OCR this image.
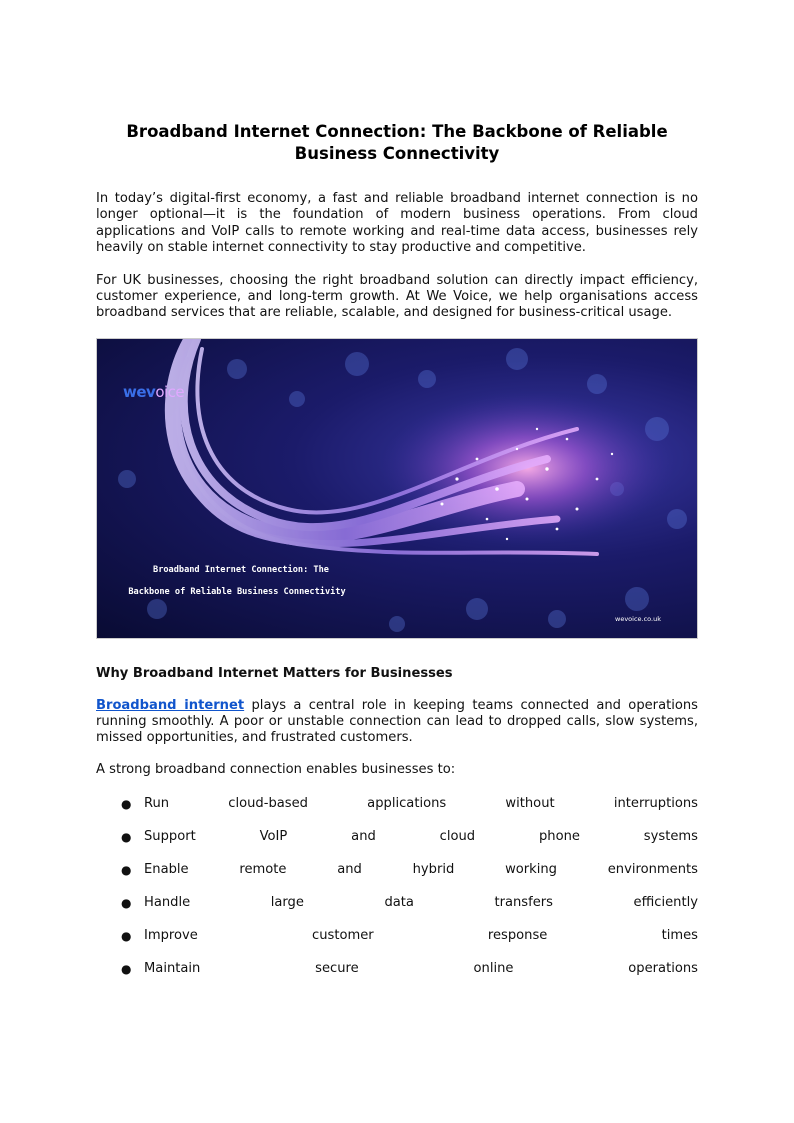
Broadband Internet Connection: The Backbone of Reliable
Business Connectivity

In today’s digital-first economy, a fast and reliable broadband internet connection is no longer optional—it is the foundation of modern business operations. From cloud applications and VoIP calls to remote working and real-time data access, businesses rely heavily on stable internet connectivity to stay productive and competitive.

For UK businesses, choosing the right broadband solution can directly impact efficiency, customer experience, and long-term growth. At We Voice, we help organisations access broadband services that are reliable, scalable, and designed for business-critical usage.

wevoice
Broadband Internet Connection: The
Backbone of Reliable Business Connectivity
wevoice.co.uk
Why Broadband Internet Matters for Businesses

Broadband internet plays a central role in keeping teams connected and operations running smoothly. A poor or unstable connection can lead to dropped calls, slow systems, missed opportunities, and frustrated customers.

A strong broadband connection enables businesses to:

● Run	cloud-based	applications	without	interruptions
● Support	VoIP	and	cloud	phone	systems
● Enable	remote	and	hybrid	working	environments
● Handle	large	data	transfers	efficiently
● Improve	customer	response	times
● Maintain	secure	online	operations
